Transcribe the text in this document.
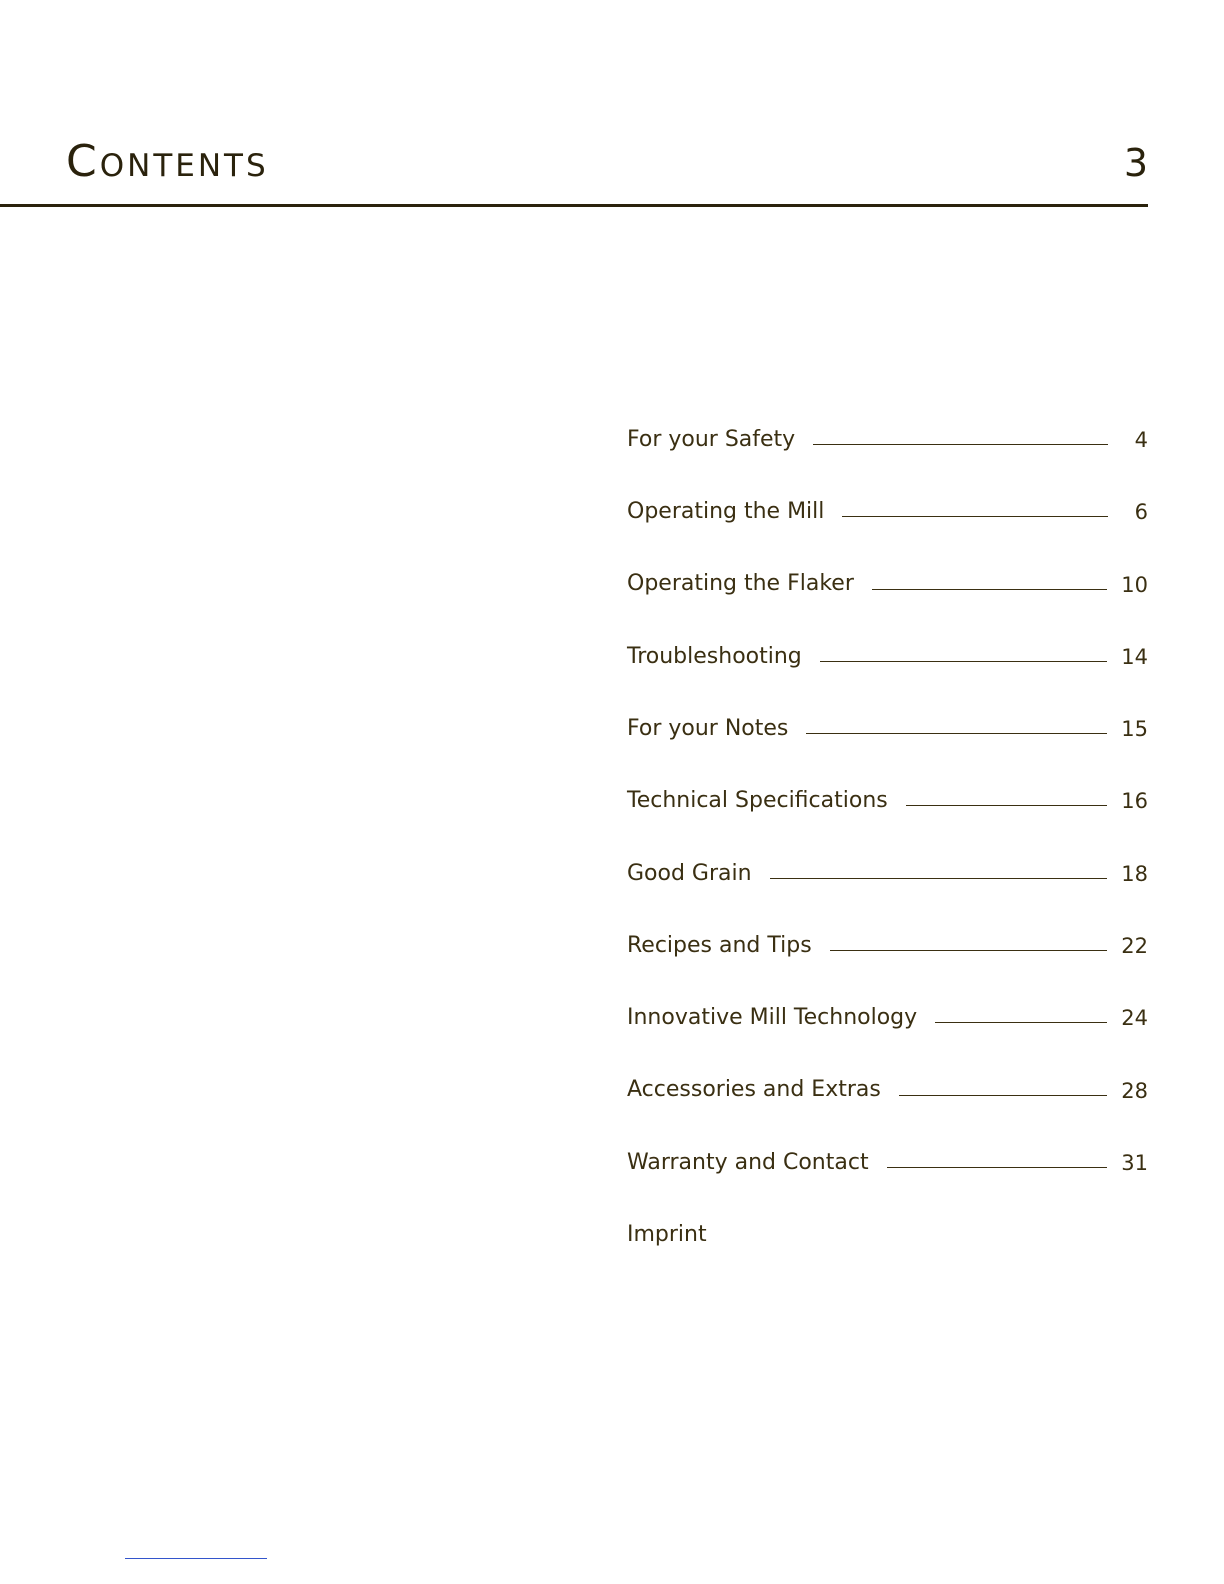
Contents	3
For your Safety	4
Operating the Mill	6
Operating the Flaker	10
Troubleshooting	14
For your Notes	15
Technical Specifications	16
Good Grain	18
Recipes and Tips	22
Innovative Mill Technology	24
Accessories and Extras	28
Warranty and Contact	31
Imprint
